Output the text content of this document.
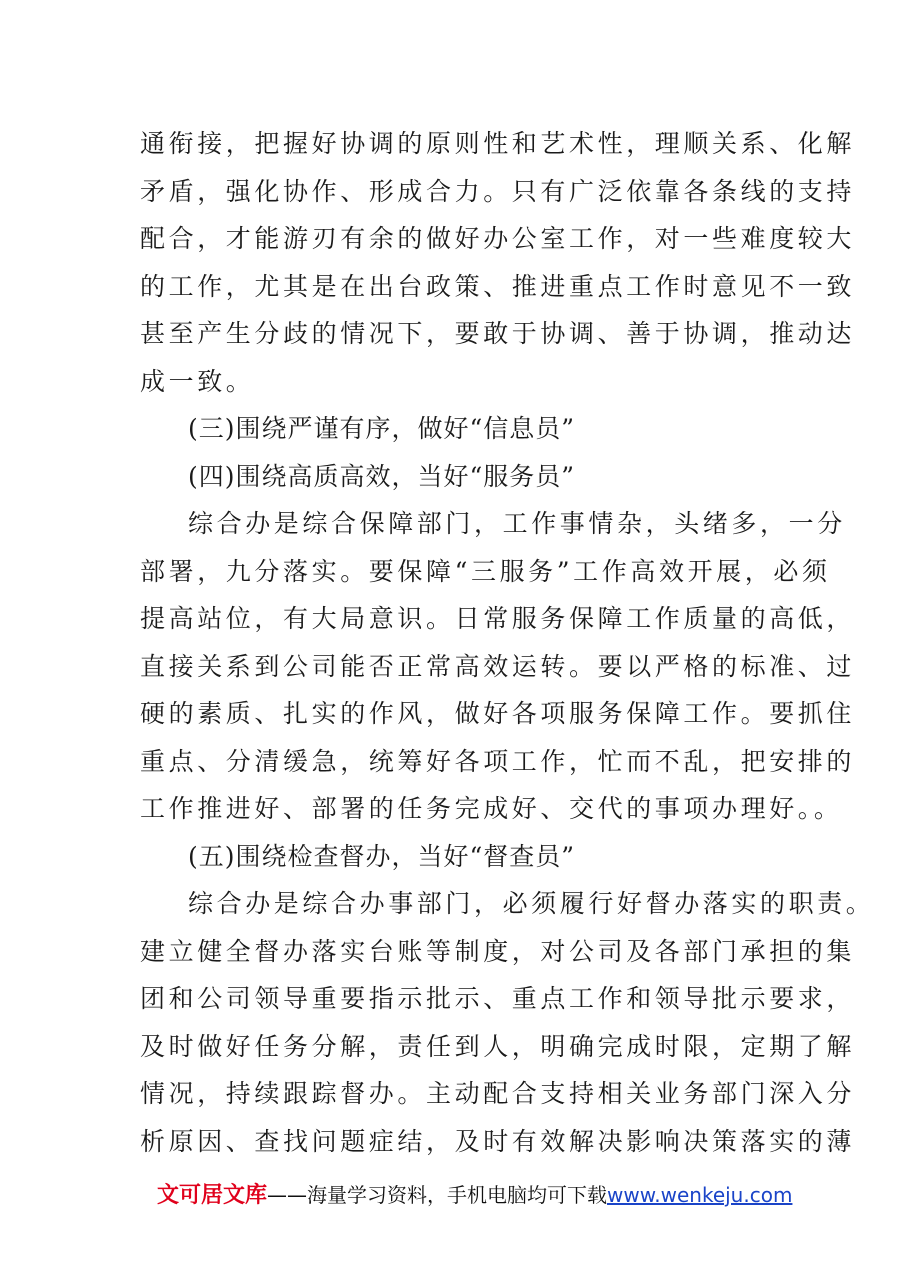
通衔接，把握好协调的原则性和艺术性，理顺关系、化解
矛盾，强化协作、形成合力。只有广泛依靠各条线的支持
配合，才能游刃有余的做好办公室工作，对一些难度较大
的工作，尤其是在出台政策、推进重点工作时意见不一致
甚至产生分歧的情况下，要敢于协调、善于协调，推动达
成一致。
(三)围绕严谨有序，做好“信息员”
(四)围绕高质高效，当好“服务员”
综合办是综合保障部门，工作事情杂，头绪多，一分
部署，九分落实。要保障“三服务”工作高效开展，必须
提高站位，有大局意识。日常服务保障工作质量的高低，
直接关系到公司能否正常高效运转。要以严格的标准、过
硬的素质、扎实的作风，做好各项服务保障工作。要抓住
重点、分清缓急，统筹好各项工作，忙而不乱，把安排的
工作推进好、部署的任务完成好、交代的事项办理好。。
(五)围绕检查督办，当好“督查员”
综合办是综合办事部门，必须履行好督办落实的职责。
建立健全督办落实台账等制度，对公司及各部门承担的集
团和公司领导重要指示批示、重点工作和领导批示要求，
及时做好任务分解，责任到人，明确完成时限，定期了解
情况，持续跟踪督办。主动配合支持相关业务部门深入分
析原因、查找问题症结，及时有效解决影响决策落实的薄
文可居文库——海量学习资料，手机电脑均可下载www.wenkeju.com
